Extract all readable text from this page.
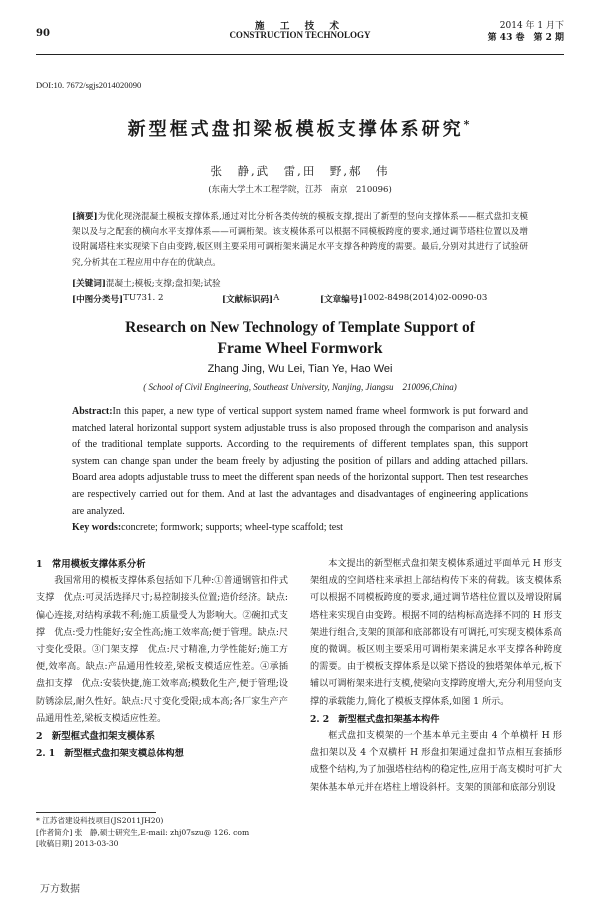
90
施 工 技 术
CONSTRUCTION TECHNOLOGY
2014 年 1 月下
第 43 卷　第 2 期
DOI:10. 7672/sgjs2014020090
新型框式盘扣梁板模板支撑体系研究*
张　静,武　雷,田　野,郝　伟
(东南大学土木工程学院，江苏　南京　210096)
[摘要]为优化现浇混凝土模板支撑体系,通过对比分析各类传统的模板支撑,提出了新型的竖向支撑体系——框式盘扣支模架以及与之配套的横向水平支撑体系——可调桁架。该支模体系可以根据不同模板跨度的要求,通过调节塔柱位置以及增设附属塔柱来实现梁下自由变跨,板区则主要采用可调桁架来满足水平支撑各种跨度的需要。最后,分别对其进行了试验研究,分析其在工程应用中存在的优缺点。
[关键词]混凝土;模板;支撑;盘扣架;试验
[中图分类号] TU731. 2	[文献标识码] A	[文章编号] 1002-8498(2014)02-0090-03
Research on New Technology of Template Support of
Frame Wheel Formwork
Zhang Jing, Wu Lei, Tian Ye, Hao Wei
( School of Civil Engineering, Southeast University, Nanjing, Jiangsu　210096,China)
Abstract:In this paper, a new type of vertical support system named frame wheel formwork is put forward and matched lateral horizontal support system adjustable truss is also proposed through the comparison and analysis of the traditional template supports. According to the requirements of different templates span, this support system can change span under the beam freely by adjusting the position of pillars and adding attached pillars. Board area adopts adjustable truss to meet the different span needs of the horizontal support. Then test researches are respectively carried out for them. And at last the advantages and disadvantages of engineering applications are analyzed.
Key words:concrete; formwork; supports; wheel-type scaffold; test

1　常用模板支撑体系分析

我国常用的模板支撑体系包括如下几种:①普通钢管扣件式支撑　优点:可灵活选择尺寸;易控制接头位置;造价经济。缺点:偏心连接,对结构承载不利;施工质量受人为影响大。②碗扣式支撑　优点:受力性能好;安全性高;施工效率高;便于管理。缺点:尺寸变化受限。③门架支撑　优点:尺寸精准,力学性能好;施工方便,效率高。缺点:产品通用性较差,梁板支模适应性差。④承插盘扣支撑　优点:安装快捷,施工效率高;模数化生产,便于管理;设防锈涂层,耐久性好。缺点:尺寸变化受限;成本高;各厂家生产产品通用性差,梁板支模适应性差。

2　新型框式盘扣架支模体系

2. 1　新型框式盘扣架支模总体构想

本文提出的新型框式盘扣架支模体系通过平面单元 H 形支架组成的空间塔柱来承担上部结构传下来的荷载。该支模体系可以根据不同模板跨度的要求,通过调节塔柱位置以及增设附属塔柱来实现自由变跨。根据不同的结构标高选择不同的 H 形支架进行组合,支架的顶部和底部都设有可调托,可实现支模体系高度的微调。板区则主要采用可调桁架来满足水平支撑各种跨度的需要。由于模板支撑体系是以梁下搭设的独塔架体单元,板下辅以可调桁架来进行支模,使梁向支撑跨度增大,充分利用竖向支撑的承载能力,简化了模板支撑体系,如图 1 所示。

2. 2　新型框式盘扣架基本构件

框式盘扣支模架的一个基本单元主要由 4 个单横杆 H 形盘扣架以及 4 个双横杆 H 形盘扣架通过盘扣节点相互套插形成整个结构,为了加强塔柱结构的稳定性,应用于高支模时可扩大架体基本单元并在塔柱上增设斜杆。支架的顶部和底部分别设

* 江苏省建设科技项目(JS2011JH20)
[作者简介] 张　静,硕士研究生,E-mail: zhj07szu@ 126. com
[收稿日期] 2013-03-30
万方数据
